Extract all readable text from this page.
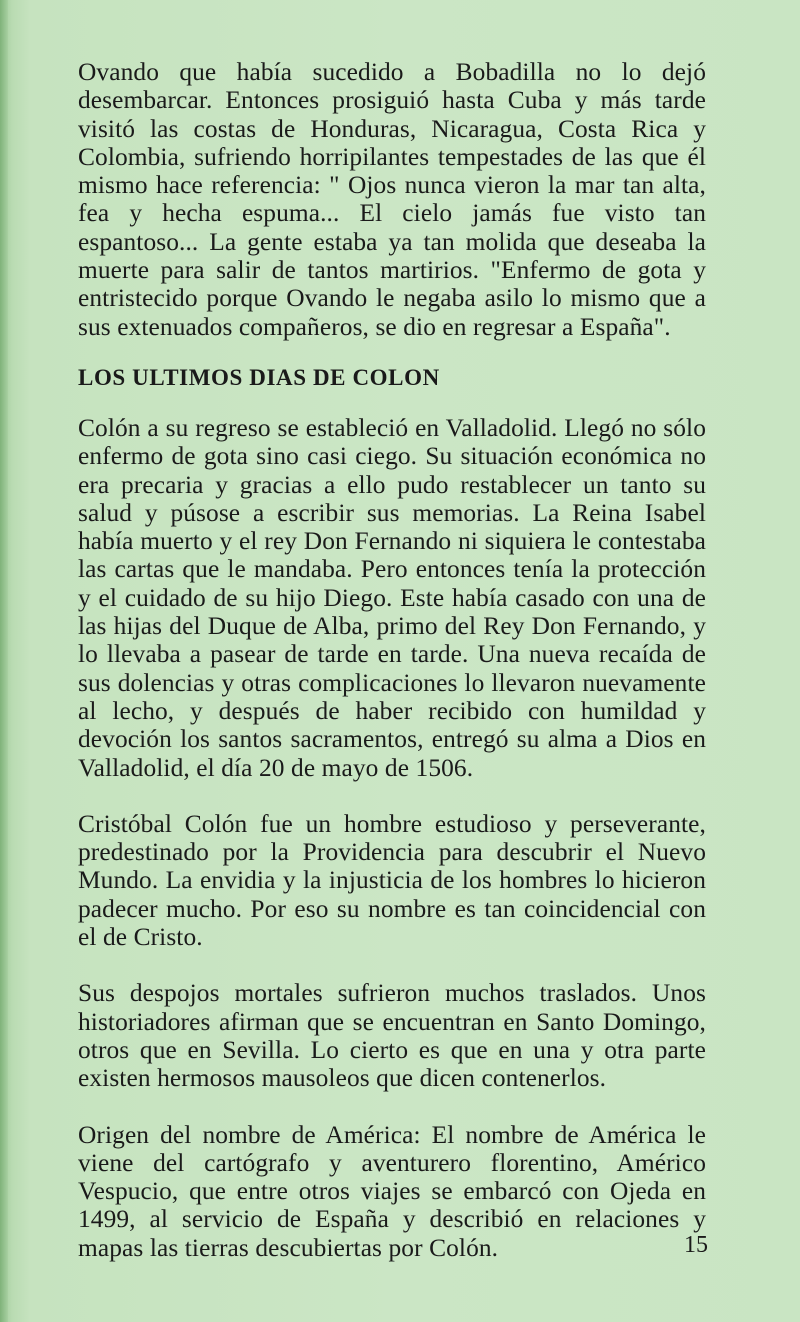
Ovando que había sucedido a Bobadilla no lo dejó desembarcar. Entonces prosiguió hasta Cuba y más tarde visitó las costas de Honduras, Nicaragua, Costa Rica y Colombia, sufriendo horripilantes tempestades de las que él mismo hace referencia: " Ojos nunca vieron la mar tan alta, fea y hecha espuma... El cielo jamás fue visto tan espantoso... La gente estaba ya tan molida que deseaba la muerte para salir de tantos martirios. "Enfermo de gota y entristecido porque Ovando le negaba asilo lo mismo que a sus extenuados compañeros, se dio en regresar a España".

LOS ULTIMOS DIAS DE COLON

Colón a su regreso se estableció en Valladolid. Llegó no sólo enfermo de gota sino casi ciego. Su situación económica no era precaria y gracias a ello pudo restablecer un tanto su salud y púsose a escribir sus memorias. La Reina Isabel había muerto y el rey Don Fernando ni siquiera le contestaba las cartas que le mandaba. Pero entonces tenía la protección y el cuidado de su hijo Diego. Este había casado con una de las hijas del Duque de Alba, primo del Rey Don Fernando, y lo llevaba a pasear de tarde en tarde. Una nueva recaída de sus dolencias y otras complicaciones lo llevaron nuevamente al lecho, y después de haber recibido con humildad y devoción los santos sacramentos, entregó su alma a Dios en Valladolid, el día 20 de mayo de 1506.

Cristóbal Colón fue un hombre estudioso y perseverante, predestinado por la Providencia para descubrir el Nuevo Mundo. La envidia y la injusticia de los hombres lo hicieron padecer mucho. Por eso su nombre es tan coincidencial con el de Cristo.

Sus despojos mortales sufrieron muchos traslados. Unos historiadores afirman que se encuentran en Santo Domingo, otros que en Sevilla. Lo cierto es que en una y otra parte existen hermosos mausoleos que dicen contenerlos.

Origen del nombre de América: El nombre de América le viene del cartógrafo y aventurero florentino, Américo Vespucio, que entre otros viajes se embarcó con Ojeda en 1499, al servicio de España y describió en relaciones y mapas las tierras descubiertas por Colón.	15
